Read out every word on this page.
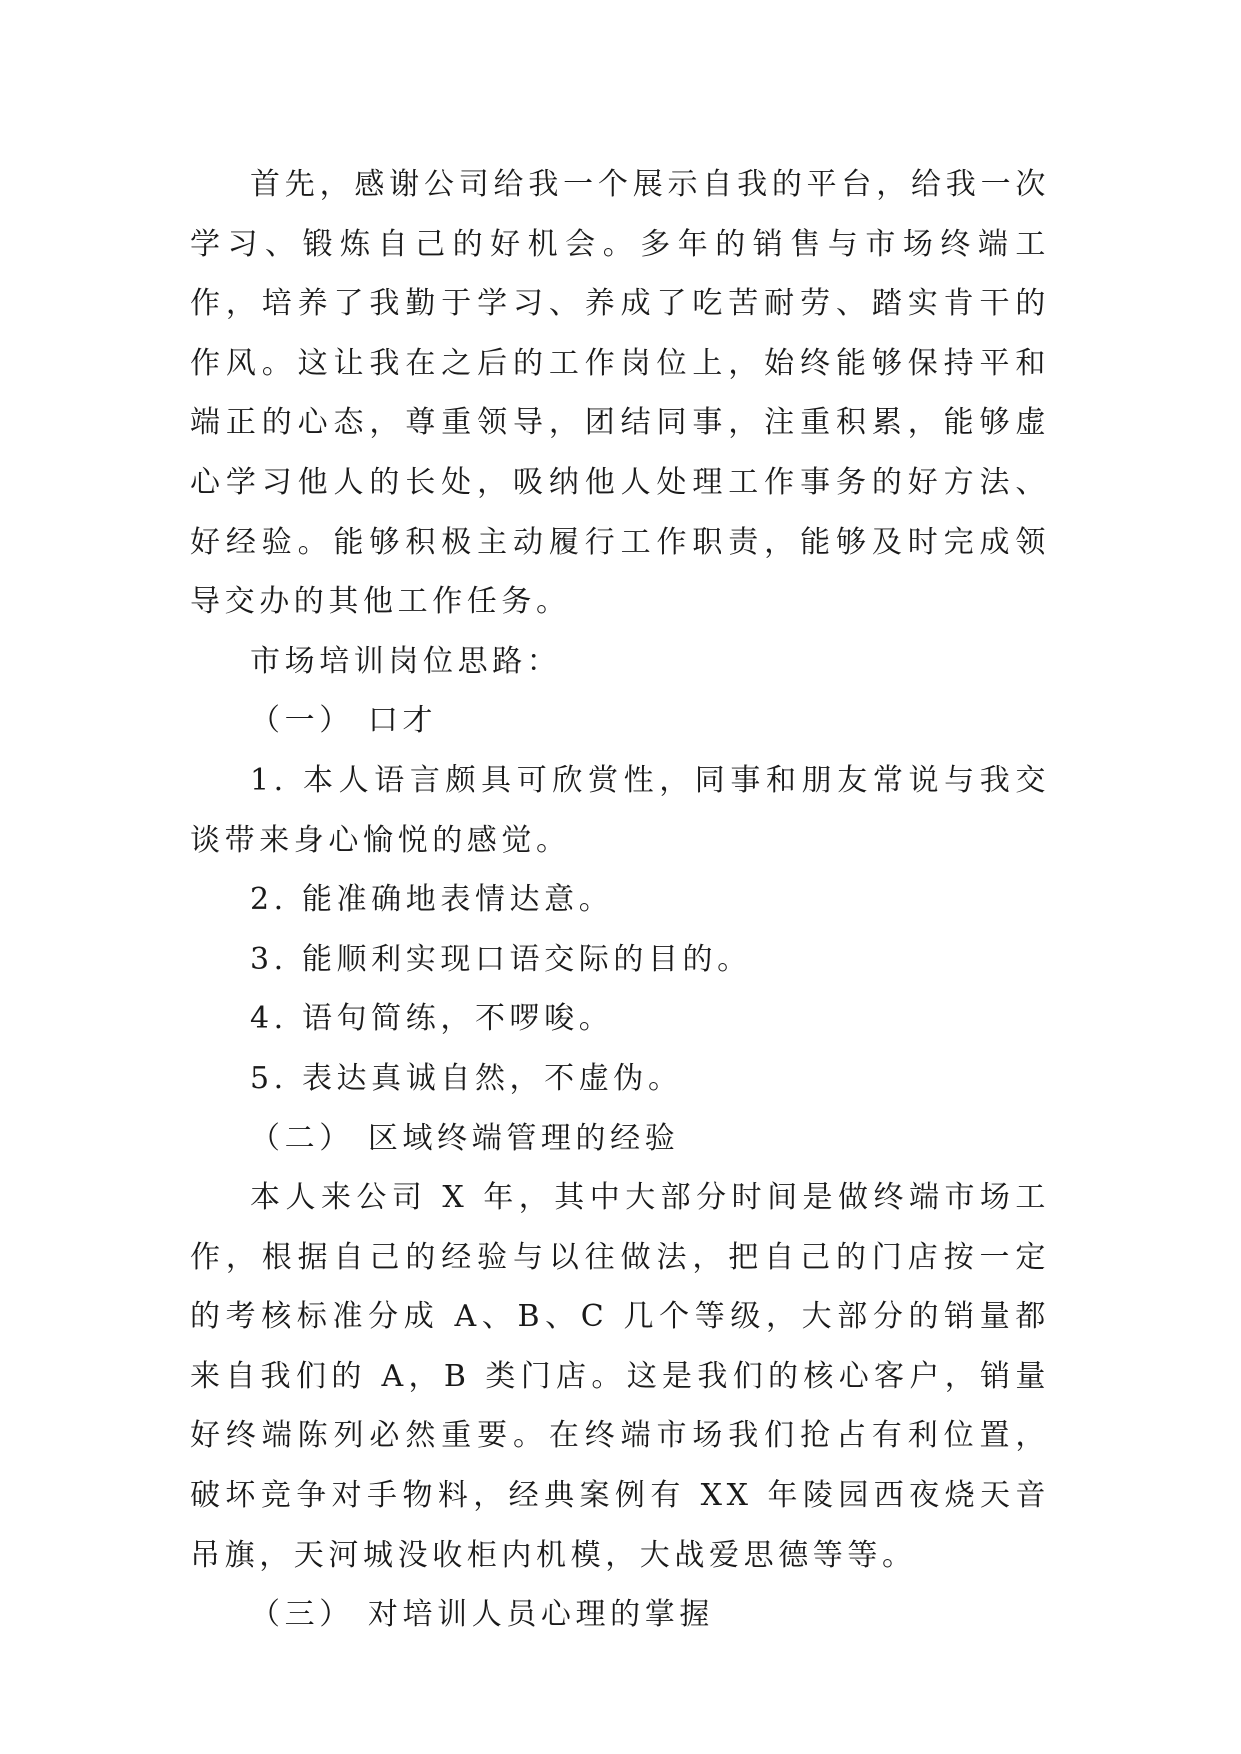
首先，感谢公司给我一个展示自我的平台，给我一次学习、锻炼自己的好机会。多年的销售与市场终端工作，培养了我勤于学习、养成了吃苦耐劳、踏实肯干的作风。这让我在之后的工作岗位上，始终能够保持平和端正的心态，尊重领导，团结同事，注重积累，能够虚心学习他人的长处，吸纳他人处理工作事务的好方法、好经验。能够积极主动履行工作职责，能够及时完成领导交办的其他工作任务。

市场培训岗位思路：

（一） 口才

1. 本人语言颇具可欣赏性，同事和朋友常说与我交谈带来身心愉悦的感觉。

2. 能准确地表情达意。

3. 能顺利实现口语交际的目的。

4. 语句简练，不啰唆。

5. 表达真诚自然，不虚伪。

（二） 区域终端管理的经验

本人来公司 X 年，其中大部分时间是做终端市场工作，根据自己的经验与以往做法，把自己的门店按一定的考核标准分成 A、B、C 几个等级，大部分的销量都来自我们的 A，B 类门店。这是我们的核心客户，销量好终端陈列必然重要。在终端市场我们抢占有利位置，破坏竞争对手物料，经典案例有 XX 年陵园西夜烧天音吊旗，天河城没收柜内机模，大战爱思德等等。

（三） 对培训人员心理的掌握
